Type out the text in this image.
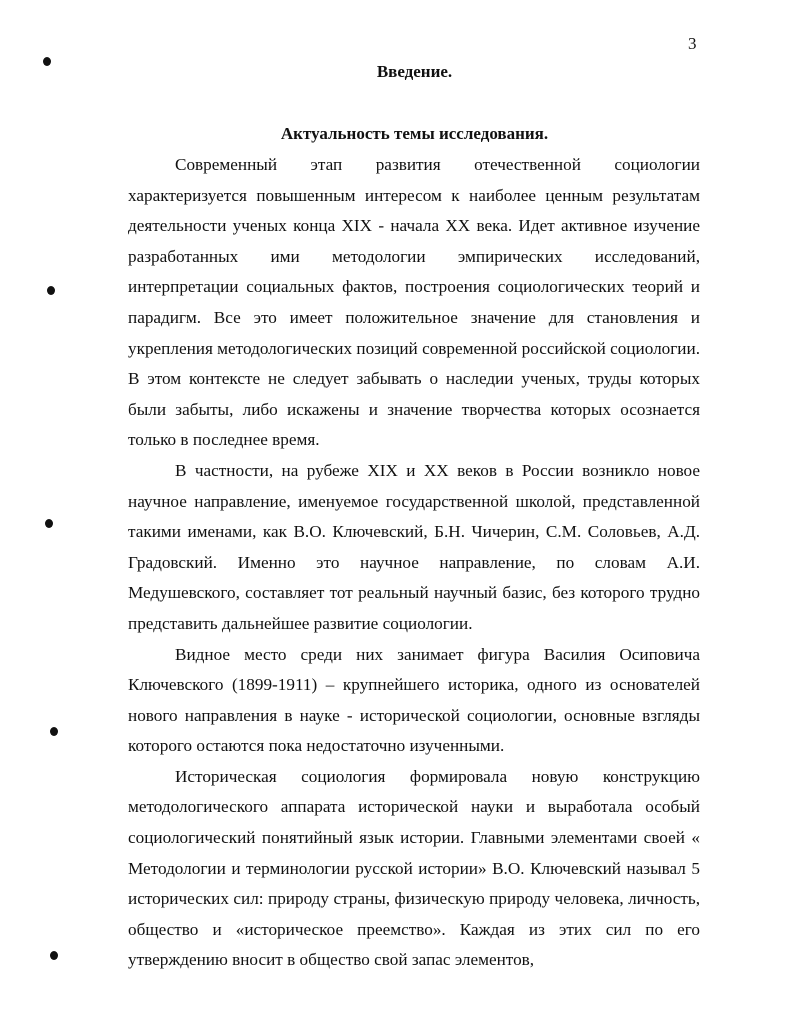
3
Введение.
Актуальность темы исследования.

Современный этап развития отечественной социологии характеризуется повышенным интересом к наиболее ценным результатам деятельности ученых конца XIX - начала XX века. Идет активное изучение разработанных ими методологии эмпирических исследований, интерпретации социальных фактов, построения социологических теорий и парадигм. Все это имеет положительное значение для становления и укрепления методологических позиций современной российской социологии. В этом контексте не следует забывать о наследии ученых, труды которых были забыты, либо искажены и значение творчества которых осознается только в последнее время.

В частности, на рубеже XIX и XX веков в России возникло новое научное направление, именуемое государственной школой, представленной такими именами, как В.О. Ключевский, Б.Н. Чичерин, С.М. Соловьев, А.Д. Градовский. Именно это научное направление, по словам А.И. Медушевского, составляет тот реальный научный базис, без которого трудно представить дальнейшее развитие социологии.

Видное место среди них занимает фигура Василия Осиповича Ключевского (1899-1911) – крупнейшего историка, одного из основателей нового направления в науке - исторической социологии, основные взгляды которого остаются пока недостаточно изученными.

Историческая социология формировала новую конструкцию методологического аппарата исторической науки и выработала особый социологический понятийный язык истории. Главными элементами своей « Методологии и терминологии русской истории» В.О. Ключевский называл 5 исторических сил: природу страны, физическую природу человека, личность, общество и «историческое преемство». Каждая из этих сил по его утверждению вносит в общество свой запас элементов,
